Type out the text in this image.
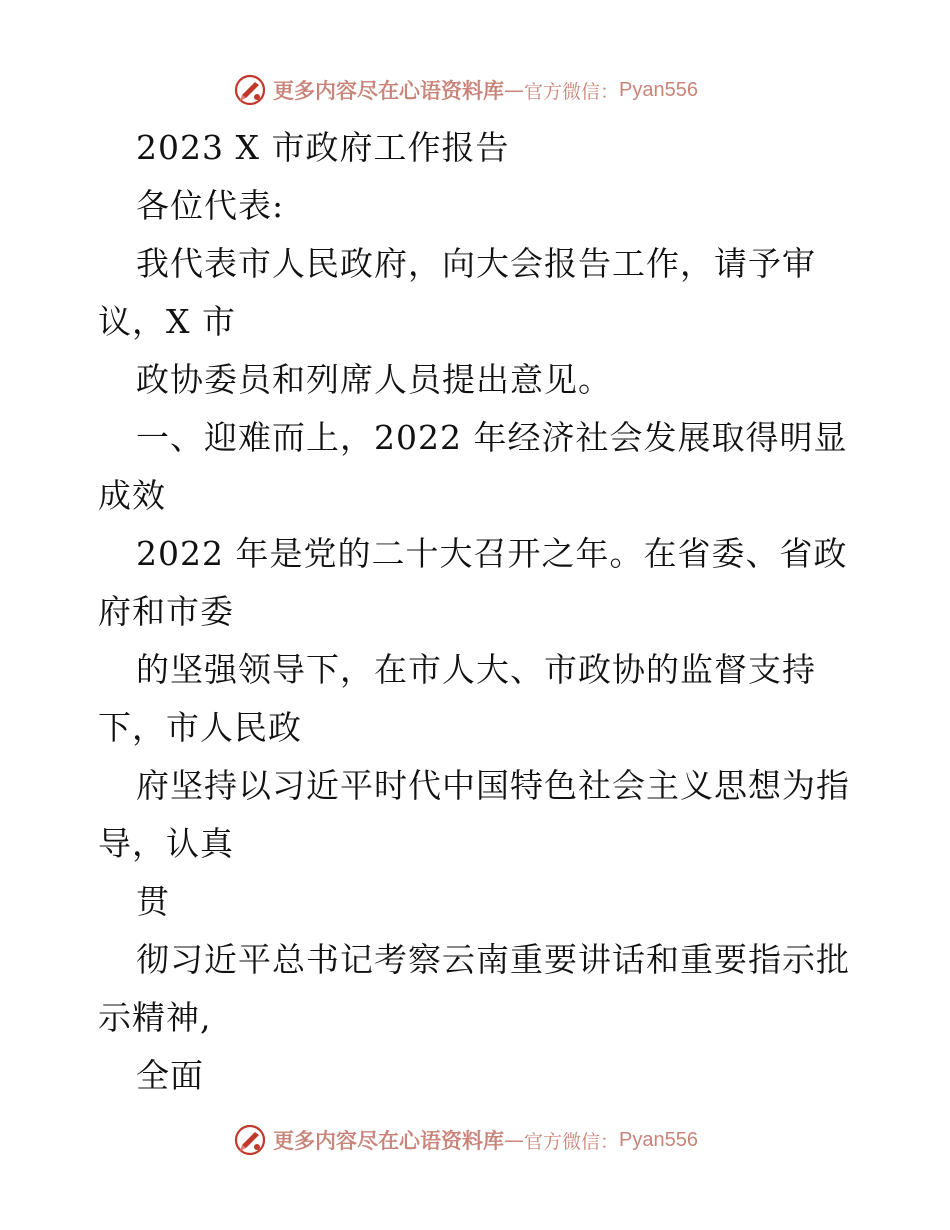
更多内容尽在心语资料库 — 官方微信： Pyan556
2023 X 市政府工作报告
各位代表:
我代表市人民政府，向大会报告工作，请予审
议，X 市
政协委员和列席人员提出意见。
一、迎难而上，2022 年经济社会发展取得明显
成效
2022 年是党的二十大召开之年。在省委、省政
府和市委
的坚强领导下，在市人大、市政协的监督支持
下，市人民政
府坚持以习近平时代中国特色社会主义思想为指
导，认真
贯
彻习近平总书记考察云南重要讲话和重要指示批
示精神,
全面
更多内容尽在心语资料库 — 官方微信： Pyan556
